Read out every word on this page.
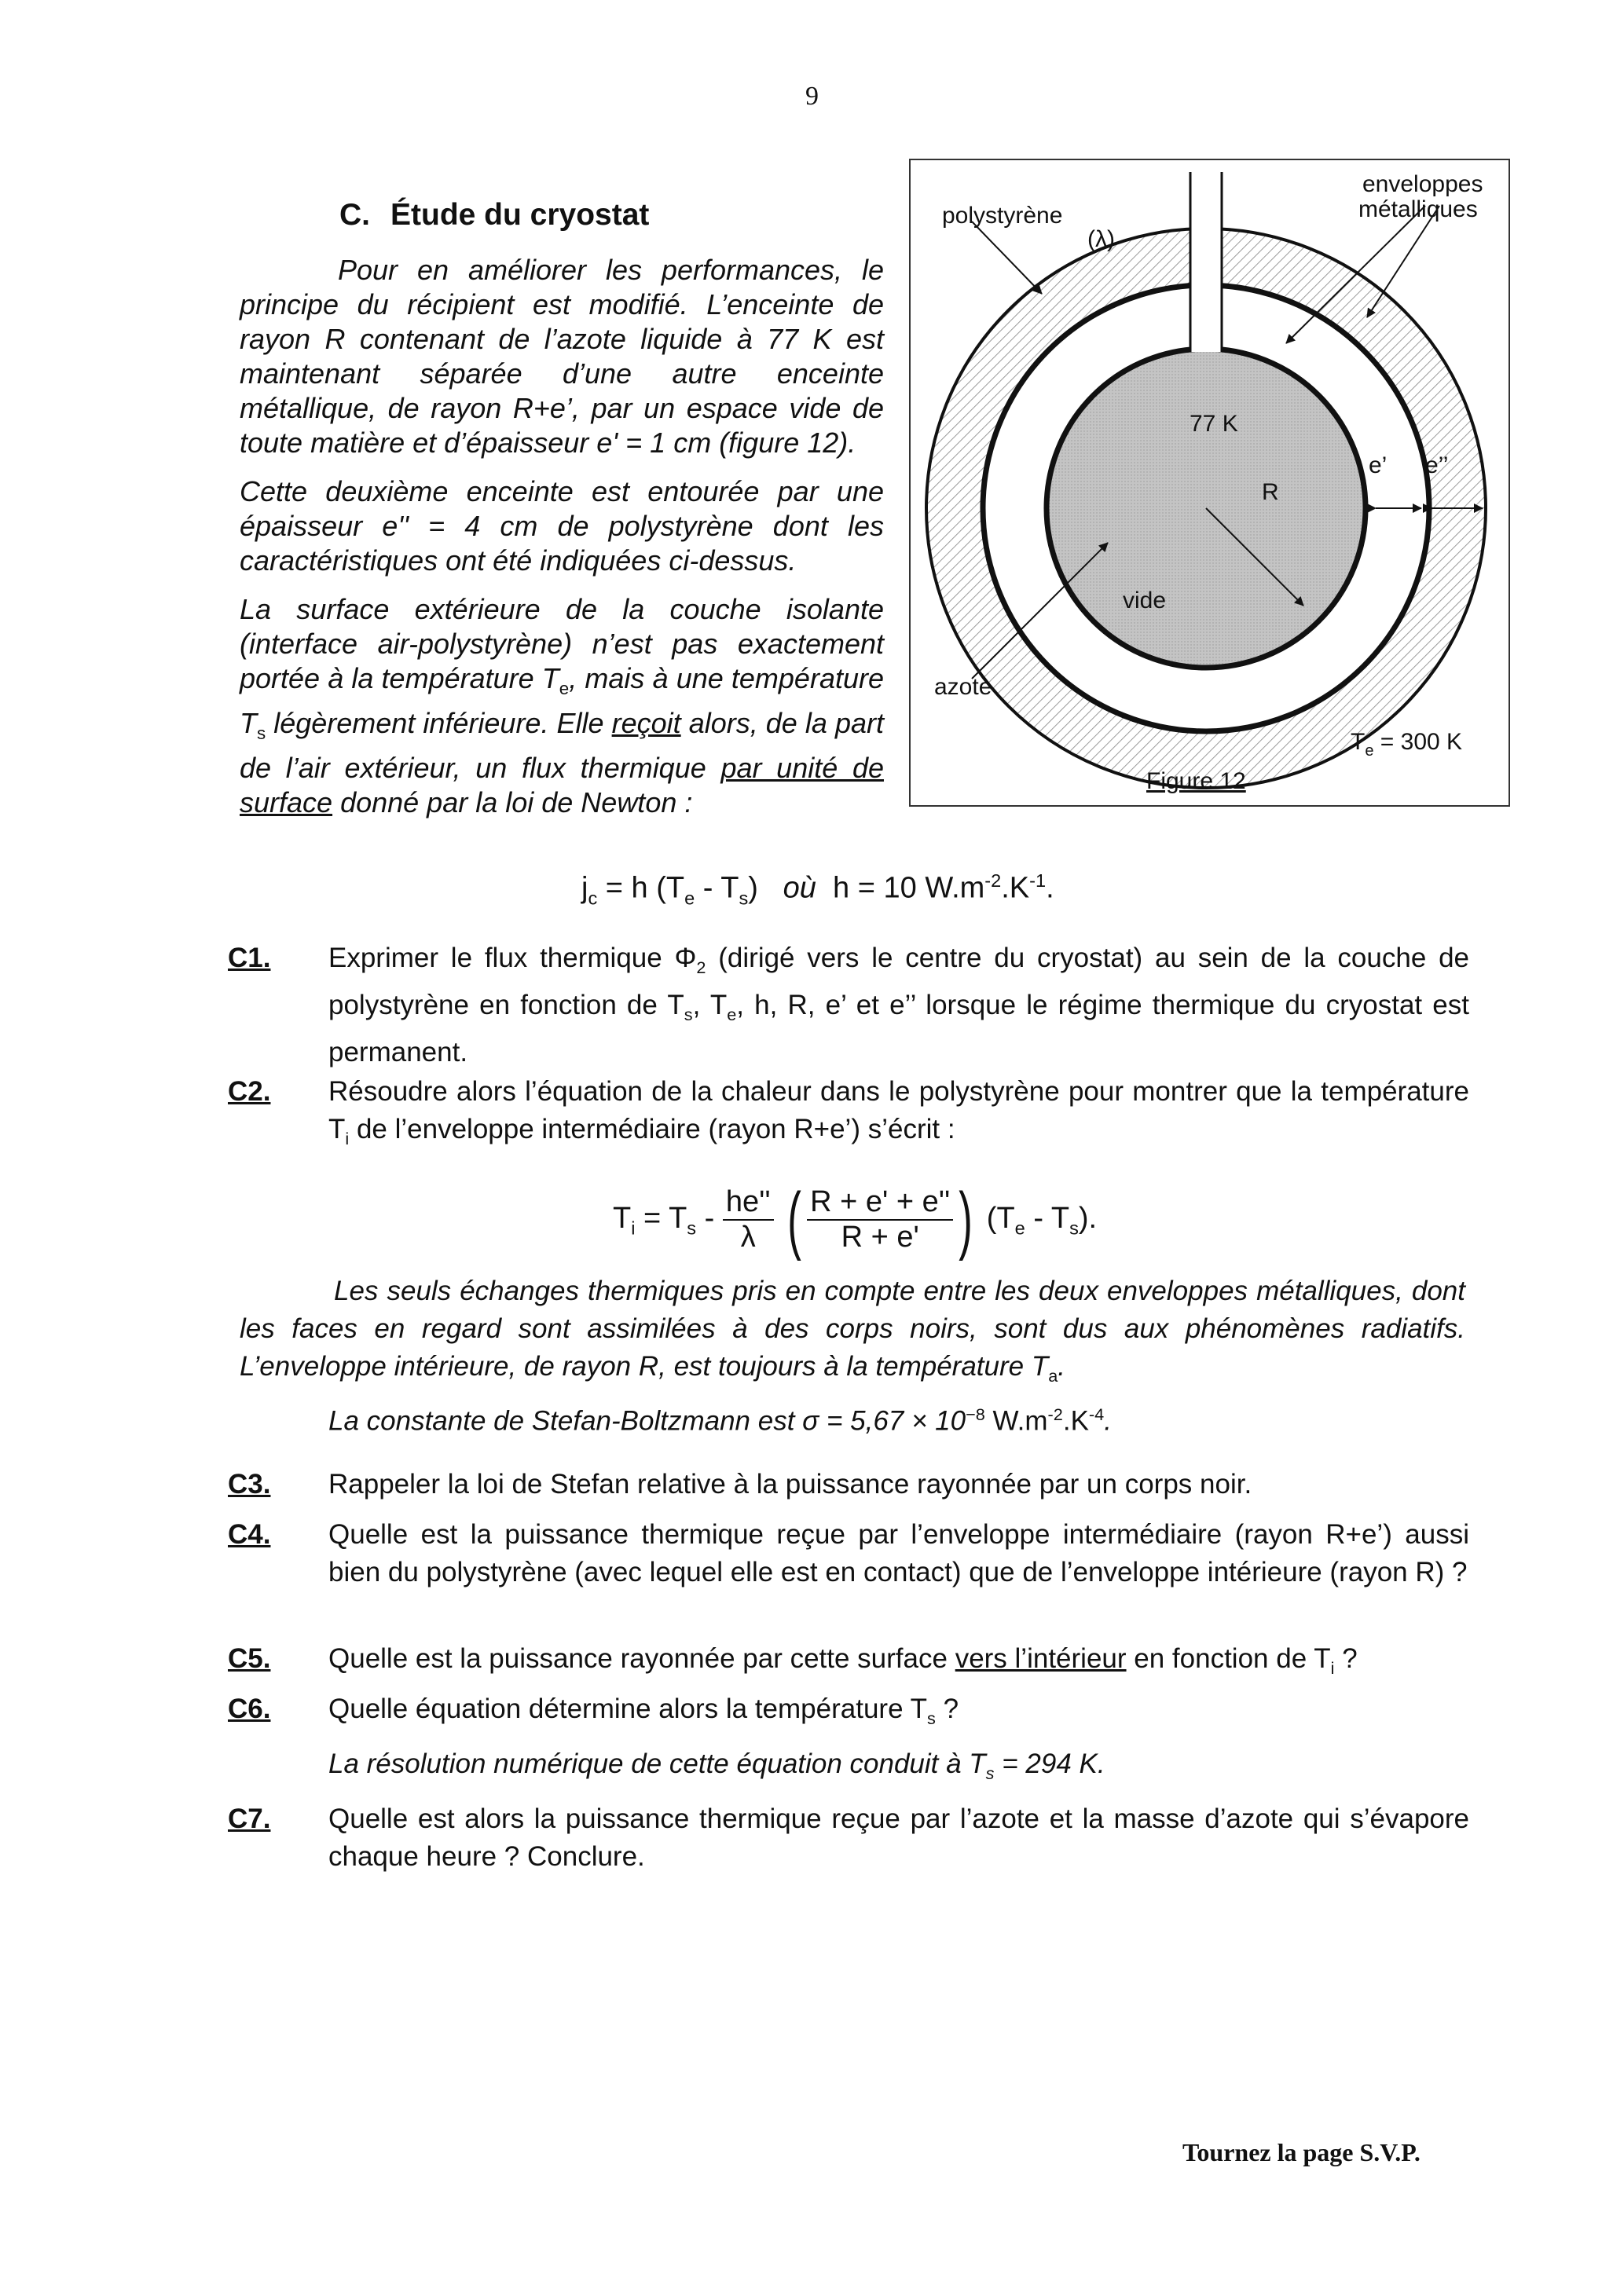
9
C. Étude du cryostat

Pour en améliorer les performances, le principe du récipient est modifié. L’enceinte de rayon R contenant de l’azote liquide à 77 K est maintenant séparée d’une autre enceinte métallique, de rayon R+e’, par un espace vide de toute matière et d’épaisseur e' = 1 cm (figure 12).

Cette deuxième enceinte est entourée par une épaisseur e'' = 4 cm de polystyrène dont les caractéristiques ont été indiquées ci-dessus.

La surface extérieure de la couche isolante (interface air-polystyrène) n’est pas exactement portée à la température $T_e$, mais à une température $T_s$ légèrement inférieure. Elle reçoit alors, de la part de l’air extérieur, un flux thermique par unité de surface donné par la loi de Newton :

polystyrène
(λ)
enveloppes
métalliques
77 K
e’ e’’
R
vide
azote
$T_e = 300$ K
Figure 12
$j_c = h$ $(T_e - T_s)$ où h = 10 $W.m^{-2}.K^{-1}$.
C1. Exprimer le flux thermique $\Phi_2$ (dirigé vers le centre du cryostat) au sein de la couche de polystyrène en fonction de $T_s$, $T_e$, h, R, e’ et e’’ lorsque le régime thermique du cryostat est permanent.
C2. Résoudre alors l’équation de la chaleur dans le polystyrène pour montrer que la température $T_i$ de l’enveloppe intermédiaire (rayon R+e’) s’écrit :
$T_i = T_s - \frac{he''}{\lambda}$ ( $\frac{R + e' + e''}{R + e'}$ ) $(T_e - T_s)$.
Les seuls échanges thermiques pris en compte entre les deux enveloppes métalliques, dont les faces en regard sont assimilées à des corps noirs, sont dus aux phénomènes radiatifs. L’enveloppe intérieure, de rayon R, est toujours à la température $T_a$.
La constante de Stefan-Boltzmann est $\sigma = 5,67 \times 10^{-8}$ $W.m^{-2}.K^{-4}$.
C3. Rappeler la loi de Stefan relative à la puissance rayonnée par un corps noir.
C4. Quelle est la puissance thermique reçue par l’enveloppe intermédiaire (rayon R+e’) aussi bien du polystyrène (avec lequel elle est en contact) que de l’enveloppe intérieure (rayon R) ?
C5. Quelle est la puissance rayonnée par cette surface vers l’intérieur en fonction de $T_i$ ?
C6. Quelle équation détermine alors la température $T_s$ ?
La résolution numérique de cette équation conduit à $T_s = 294$ K.
C7. Quelle est alors la puissance thermique reçue par l’azote et la masse d’azote qui s’évapore chaque heure ? Conclure.
Tournez la page S.V.P.
